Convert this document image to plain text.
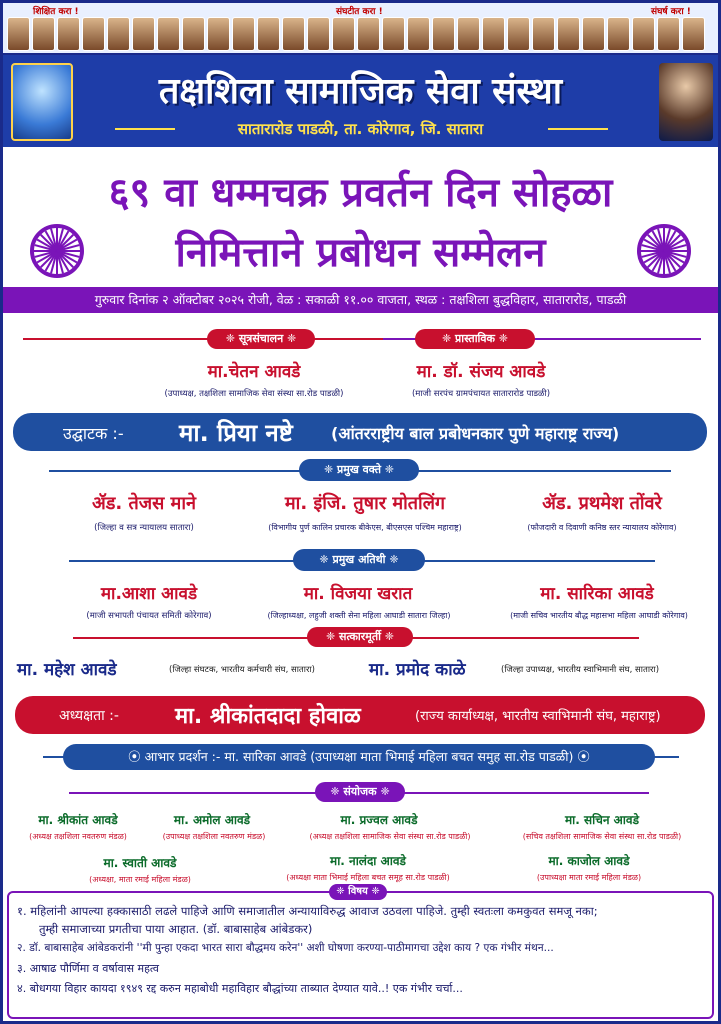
शिक्षित करा !	संघटीत करा !	संघर्ष करा !
तक्षशिला सामाजिक सेवा संस्था
सातारारोड पाडळी, ता. कोरेगाव, जि. सातारा
६९ वा धम्मचक्र प्रवर्तन दिन सोहळा
निमित्ताने प्रबोधन सम्मेलन
गुरुवार दिनांक २ ऑक्टोबर २०२५ रोजी, वेळ : सकाळी ११.०० वाजता, स्थळ : तक्षशिला बुद्धविहार, सातारारोड, पाडळी
❈ सूत्रसंचालन ❈	❈ प्रास्ताविक ❈
मा.चेतन आवडे
(उपाध्यक्ष, तक्षशिला सामाजिक सेवा संस्था सा.रोड पाडळी)
मा. डॉ. संजय आवडे
(माजी सरपंच ग्रामपंचायत सातारारोड पाडळी)
उद्घाटक :- मा. प्रिया नष्टे (आंतरराष्ट्रीय बाल प्रबोधनकार पुणे महाराष्ट्र राज्य)
❈ प्रमुख वक्ते ❈
ॲड. तेजस माने
(जिल्हा व सत्र न्यायालय सातारा)
मा. इंजि. तुषार मोतलिंग
(विभागीय पुर्ण कालिन प्रचारक बीकेएस, बीएसएस पश्चिम महाराष्ट्र)
ॲड. प्रथमेश तोंवरे
(फौजदारी व दिवाणी कनिष्ठ स्तर न्यायालय कोरेगाव)
❈ प्रमुख अतिथी ❈
मा.आशा आवडे
(माजी सभापती पंचायत समिती कोरेगाव)
मा. विजया खरात
(जिल्हाध्यक्षा, लहुजी शक्ती सेना महिला आघाडी सातारा जिल्हा)
मा. सारिका आवडे
(माजी सचिव भारतीय बौद्ध महासभा महिला आघाडी कोरेगाव)
❈ सत्कारमूर्ती ❈
मा. महेश आवडे	(जिल्हा संघटक, भारतीय कर्मचारी संघ, सातारा)	मा. प्रमोद काळे	(जिल्हा उपाध्यक्ष, भारतीय स्वाभिमानी संघ, सातारा)
अध्यक्षता :-	मा. श्रीकांतदादा होवाळ	(राज्य कार्याध्यक्ष, भारतीय स्वाभिमानी संघ, महाराष्ट्र)
⦿ आभार प्रदर्शन :- मा. सारिका आवडे (उपाध्यक्षा माता भिमाई महिला बचत समुह सा.रोड पाडळी) ⦿
❈ संयोजक ❈
मा. श्रीकांत आवडे
(अध्यक्ष तक्षशिला नवतरुण मंडळ)
मा. अमोल आवडे
(उपाध्यक्ष तक्षशिला नवतरुण मंडळ)
मा. प्रज्वल आवडे
(अध्यक्ष तक्षशिला सामाजिक सेवा संस्था सा.रोड पाडळी)
मा. सचिन आवडे
(सचिव तक्षशिला सामाजिक सेवा संस्था सा.रोड पाडळी)
मा. स्वाती आवडे
(अध्यक्षा, माता रमाई महिला मंडळ)
मा. नालंदा आवडे
(अध्यक्षा माता भिमाई महिला बचत समूह सा.रोड पाडळी)
मा. काजोल आवडे
(उपाध्यक्षा माता रमाई महिला मंडळ)
१. महिलांनी आपल्या हक्कासाठी लढले पाहिजे आणि समाजातील अन्यायाविरुद्ध आवाज उठवला पाहिजे. तुम्ही स्वतःला कमकुवत समजू नका;
तुम्ही समाजाच्या प्रगतीचा पाया आहात. (डॉ. बाबासाहेब आंबेडकर)
२. डॉ. बाबासाहेब आंबेडकरांनी ''मी पुन्हा एकदा भारत सारा बौद्धमय करेन'' अशी घोषणा करण्या-पाठीमागचा उद्देश काय ? एक गंभीर मंथन...
३. आषाढ पौर्णिमा व वर्षावास महत्व
४. बोधगया विहार कायदा १९४९ रद्द करुन महाबोधी महाविहार बौद्धांच्या ताब्यात देण्यात यावे..! एक गंभीर चर्चा...
❈ विषय ❈
